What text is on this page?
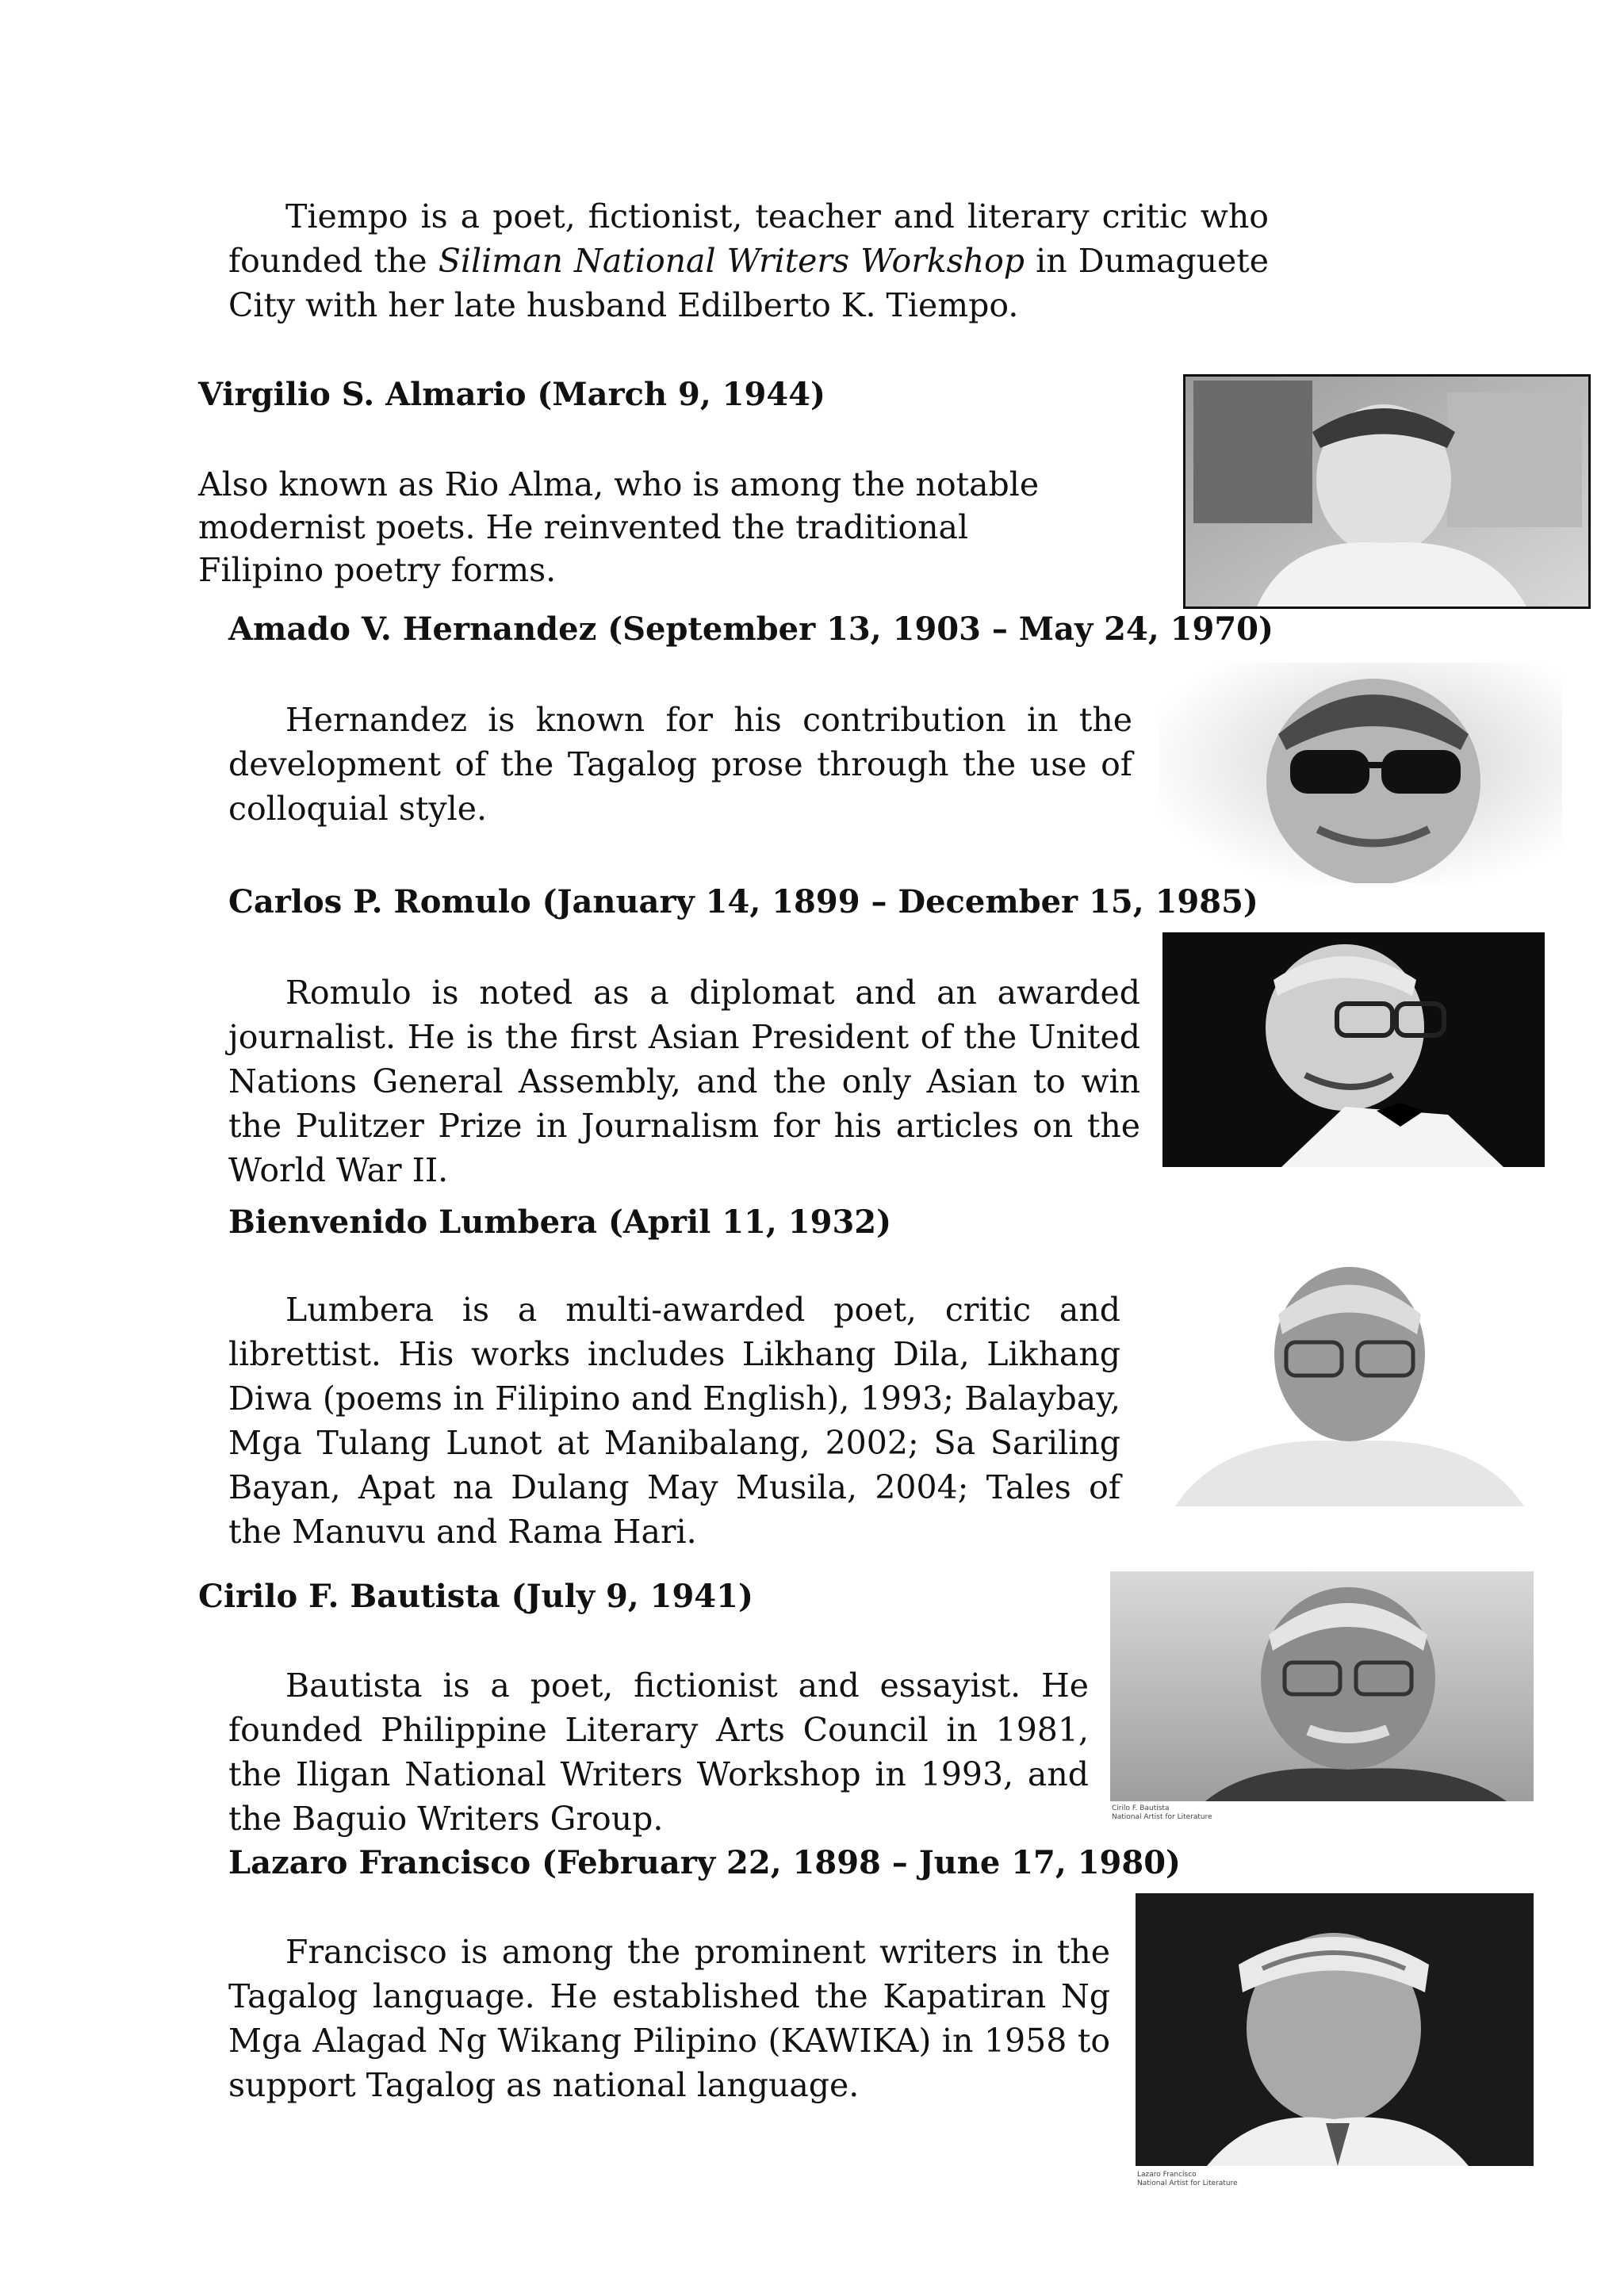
Tiempo is a poet, fictionist, teacher and literary critic who founded the Siliman National Writers Workshop in Dumaguete City with her late husband Edilberto K. Tiempo.

Virgilio S. Almario (March 9, 1944)

Also known as Rio Alma, who is among the notable modernist poets. He reinvented the traditional Filipino poetry forms.

Amado V. Hernandez (September 13, 1903 – May 24, 1970)

Hernandez is known for his contribution in the development of the Tagalog prose through the use of colloquial style.

Carlos P. Romulo (January 14, 1899 – December 15, 1985)

Romulo is noted as a diplomat and an awarded journalist. He is the first Asian President of the United Nations General Assembly, and the only Asian to win the Pulitzer Prize in Journalism for his articles on the World War II.

Bienvenido Lumbera (April 11, 1932)

Lumbera is a multi-awarded poet, critic and librettist. His works includes Likhang Dila, Likhang Diwa (poems in Filipino and English), 1993; Balaybay, Mga Tulang Lunot at Manibalang, 2002; Sa Sariling Bayan, Apat na Dulang May Musila, 2004; Tales of the Manuvu and Rama Hari.

Cirilo F. Bautista (July 9, 1941)

Bautista is a poet, fictionist and essayist. He founded Philippine Literary Arts Council in 1981, the Iligan National Writers Workshop in 1993, and the Baguio Writers Group.	Cirilo F. Bautista
National Artist for Literature
Lazaro Francisco (February 22, 1898 – June 17, 1980)

Francisco is among the prominent writers in the Tagalog language. He established the Kapatiran Ng Mga Alagad Ng Wikang Pilipino (KAWIKA) in 1958 to support Tagalog as national language.

Lazaro Francisco
National Artist for Literature
